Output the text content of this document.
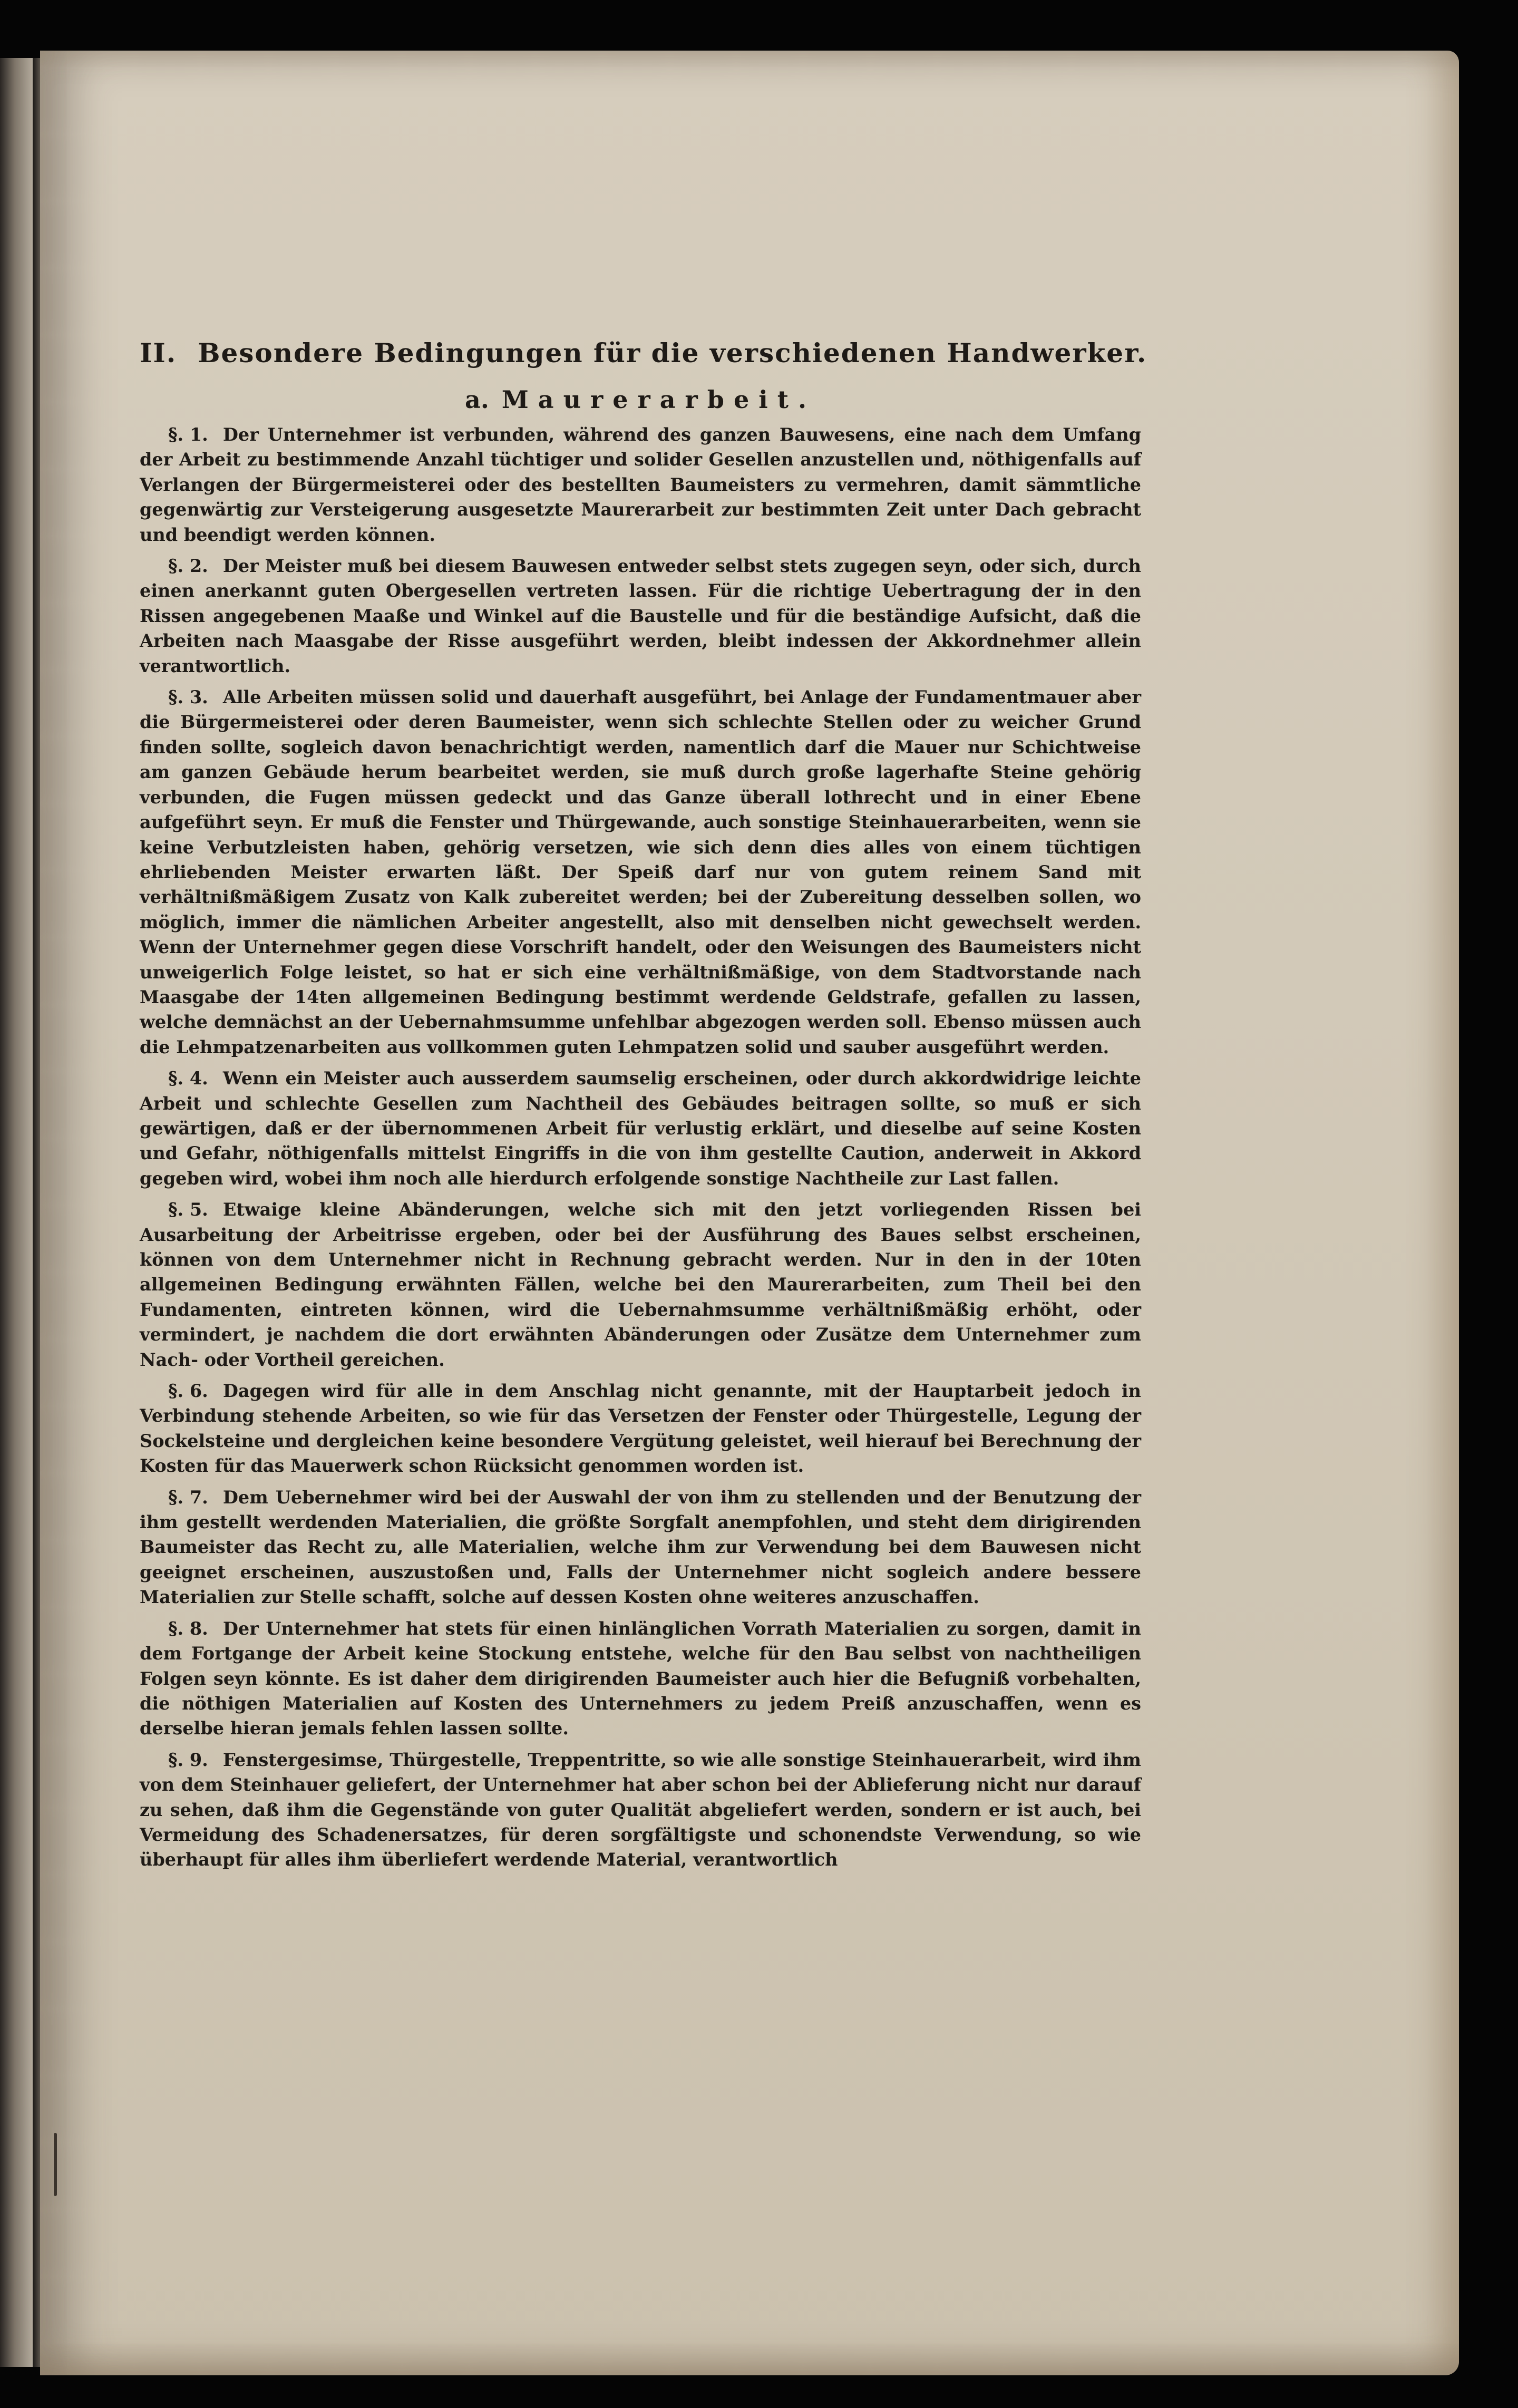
II. Besondere Bedingungen für die verschiedenen Handwerker.
a. Maurerarbeit.

§. 1. Der Unternehmer ist verbunden, während des ganzen Bauwesens, eine nach dem Umfang der Arbeit zu bestimmende Anzahl tüchtiger und solider Gesellen anzustellen und, nöthigenfalls auf Verlangen der Bürgermeisterei oder des bestellten Baumeisters zu vermehren, damit sämmtliche gegenwärtig zur Versteigerung ausgesetzte Maurerarbeit zur bestimmten Zeit unter Dach gebracht und beendigt werden können.

§. 2. Der Meister muß bei diesem Bauwesen entweder selbst stets zugegen seyn, oder sich, durch einen anerkannt guten Obergesellen vertreten lassen. Für die richtige Uebertragung der in den Rissen angegebenen Maaße und Winkel auf die Baustelle und für die beständige Aufsicht, daß die Arbeiten nach Maasgabe der Risse ausgeführt werden, bleibt indessen der Akkordnehmer allein verantwortlich.

§. 3. Alle Arbeiten müssen solid und dauerhaft ausgeführt, bei Anlage der Fundamentmauer aber die Bürgermeisterei oder deren Baumeister, wenn sich schlechte Stellen oder zu weicher Grund finden sollte, sogleich davon benachrichtigt werden, namentlich darf die Mauer nur Schichtweise am ganzen Gebäude herum bearbeitet werden, sie muß durch große lagerhafte Steine gehörig verbunden, die Fugen müssen gedeckt und das Ganze überall lothrecht und in einer Ebene aufgeführt seyn. Er muß die Fenster und Thürgewande, auch sonstige Steinhauerarbeiten, wenn sie keine Verbutzleisten haben, gehörig versetzen, wie sich denn dies alles von einem tüchtigen ehrliebenden Meister erwarten läßt. Der Speiß darf nur von gutem reinem Sand mit verhältnißmäßigem Zusatz von Kalk zubereitet werden; bei der Zubereitung desselben sollen, wo möglich, immer die nämlichen Arbeiter angestellt, also mit denselben nicht gewechselt werden. Wenn der Unternehmer gegen diese Vorschrift handelt, oder den Weisungen des Baumeisters nicht unweigerlich Folge leistet, so hat er sich eine verhältnißmäßige, von dem Stadtvorstande nach Maasgabe der 14ten allgemeinen Bedingung bestimmt werdende Geldstrafe, gefallen zu lassen, welche demnächst an der Uebernahmsumme unfehlbar abgezogen werden soll. Ebenso müssen auch die Lehmpatzenarbeiten aus vollkommen guten Lehmpatzen solid und sauber ausgeführt werden.

§. 4. Wenn ein Meister auch ausserdem saumselig erscheinen, oder durch akkordwidrige leichte Arbeit und schlechte Gesellen zum Nachtheil des Gebäudes beitragen sollte, so muß er sich gewärtigen, daß er der übernommenen Arbeit für verlustig erklärt, und dieselbe auf seine Kosten und Gefahr, nöthigenfalls mittelst Eingriffs in die von ihm gestellte Caution, anderweit in Akkord gegeben wird, wobei ihm noch alle hierdurch erfolgende sonstige Nachtheile zur Last fallen.

§. 5. Etwaige kleine Abänderungen, welche sich mit den jetzt vorliegenden Rissen bei Ausarbeitung der Arbeitrisse ergeben, oder bei der Ausführung des Baues selbst erscheinen, können von dem Unternehmer nicht in Rechnung gebracht werden. Nur in den in der 10ten allgemeinen Bedingung erwähnten Fällen, welche bei den Maurerarbeiten, zum Theil bei den Fundamenten, eintreten können, wird die Uebernahmsumme verhältnißmäßig erhöht, oder vermindert, je nachdem die dort erwähnten Abänderungen oder Zusätze dem Unternehmer zum Nach- oder Vortheil gereichen.

§. 6. Dagegen wird für alle in dem Anschlag nicht genannte, mit der Hauptarbeit jedoch in Verbindung stehende Arbeiten, so wie für das Versetzen der Fenster oder Thürgestelle, Legung der Sockelsteine und dergleichen keine besondere Vergütung geleistet, weil hierauf bei Berechnung der Kosten für das Mauerwerk schon Rücksicht genommen worden ist.

§. 7. Dem Uebernehmer wird bei der Auswahl der von ihm zu stellenden und der Benutzung der ihm gestellt werdenden Materialien, die größte Sorgfalt anempfohlen, und steht dem dirigirenden Baumeister das Recht zu, alle Materialien, welche ihm zur Verwendung bei dem Bauwesen nicht geeignet erscheinen, auszustoßen und, Falls der Unternehmer nicht sogleich andere bessere Materialien zur Stelle schafft, solche auf dessen Kosten ohne weiteres anzuschaffen.

§. 8. Der Unternehmer hat stets für einen hinlänglichen Vorrath Materialien zu sorgen, damit in dem Fortgange der Arbeit keine Stockung entstehe, welche für den Bau selbst von nachtheiligen Folgen seyn könnte. Es ist daher dem dirigirenden Baumeister auch hier die Befugniß vorbehalten, die nöthigen Materialien auf Kosten des Unternehmers zu jedem Preiß anzuschaffen, wenn es derselbe hieran jemals fehlen lassen sollte.

§. 9. Fenstergesimse, Thürgestelle, Treppentritte, so wie alle sonstige Steinhauerarbeit, wird ihm von dem Steinhauer geliefert, der Unternehmer hat aber schon bei der Ablieferung nicht nur darauf zu sehen, daß ihm die Gegenstände von guter Qualität abgeliefert werden, sondern er ist auch, bei Vermeidung des Schadenersatzes, für deren sorgfältigste und schonendste Verwendung, so wie überhaupt für alles ihm überliefert werdende Material, verantwortlich
